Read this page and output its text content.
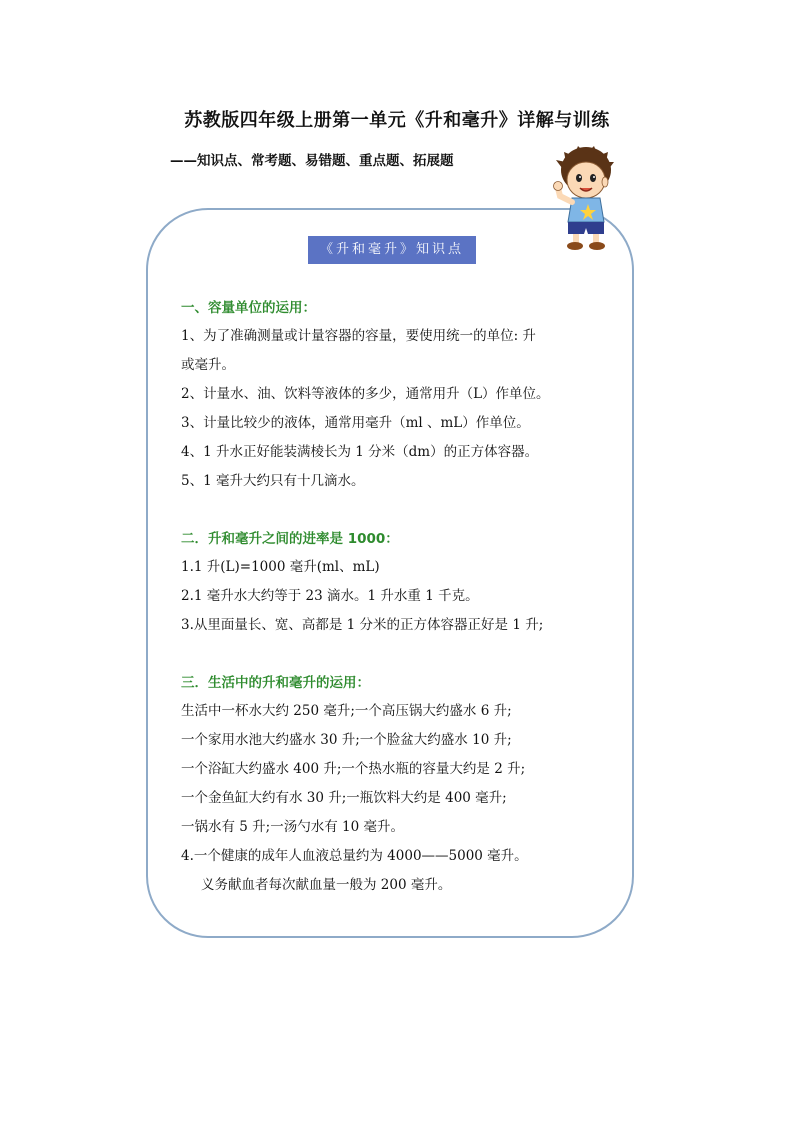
苏教版四年级上册第一单元《升和毫升》详解与训练
——知识点、常考题、易错题、重点题、拓展题
《升和毫升》知识点
一、容量单位的运用：
1、为了准确测量或计量容器的容量，要使用统一的单位: 升
或毫升。
2、计量水、油、饮料等液体的多少，通常用升（L）作单位。
3、计量比较少的液体，通常用毫升（ml 、mL）作单位。
4、1 升水正好能装满棱长为 1 分米（dm）的正方体容器。
5、1 毫升大约只有十几滴水。
二．升和毫升之间的进率是 1000：
1.1 升(L)=1000 毫升(ml、mL)
2.1 毫升水大约等于 23 滴水。1 升水重 1 千克。
3.从里面量长、宽、高都是 1 分米的正方体容器正好是 1 升;
三．生活中的升和毫升的运用：
生活中一杯水大约 250 毫升;一个高压锅大约盛水 6 升;
一个家用水池大约盛水 30 升;一个脸盆大约盛水 10 升;
一个浴缸大约盛水 400 升;一个热水瓶的容量大约是 2 升;
一个金鱼缸大约有水 30 升;一瓶饮料大约是 400 毫升;
一锅水有 5 升;一汤勺水有 10 毫升。
4.一个健康的成年人血液总量约为 4000——5000 毫升。
义务献血者每次献血量一般为 200 毫升。
